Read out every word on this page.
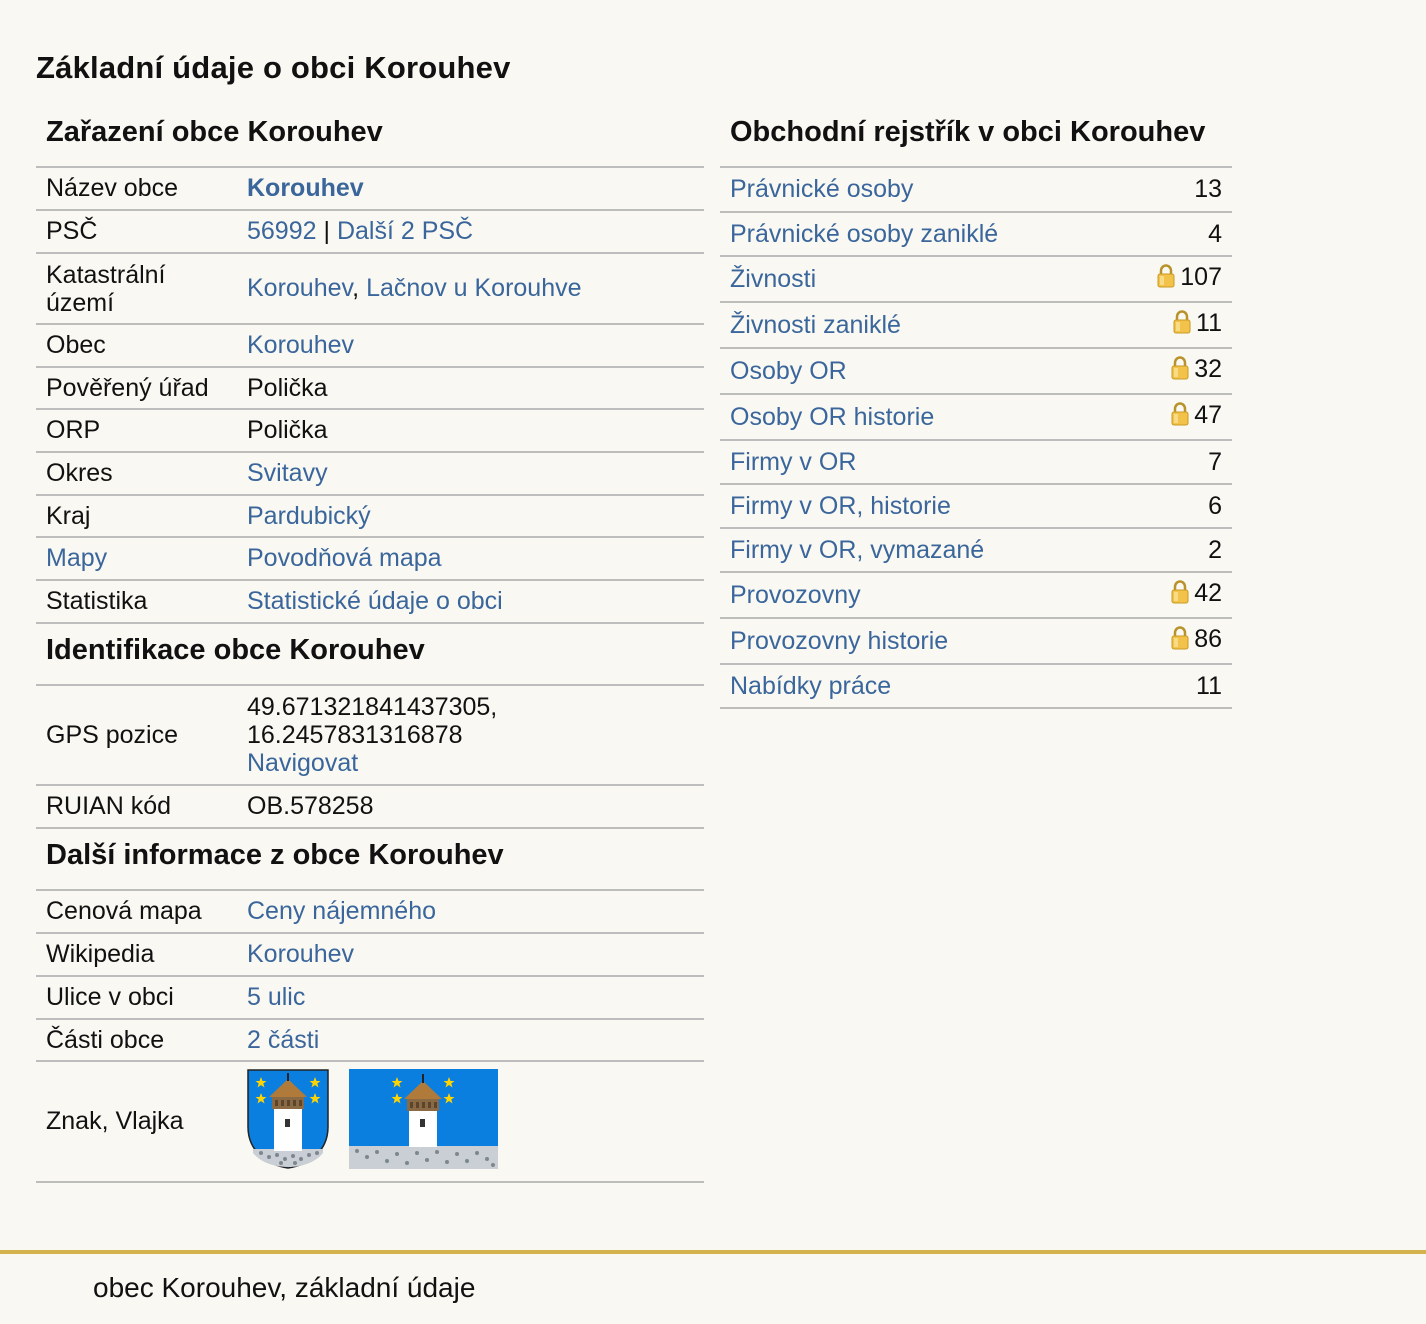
Základní údaje o obci Korouhev
Zařazení obce Korouhev
Název obce	Korouhev
PSČ	56992 | Další 2 PSČ
Katastrální území	Korouhev, Lačnov u Korouhve
Obec	Korouhev
Pověřený úřad	Polička
ORP	Polička
Okres	Svitavy
Kraj	Pardubický
Mapy	Povodňová mapa
Statistika	Statistické údaje o obci
Identifikace obce Korouhev
GPS pozice	49.671321841437305,
16.2457831316878
Navigovat
RUIAN kód	OB.578258
Další informace z obce Korouhev
Cenová mapa	Ceny nájemného
Wikipedia	Korouhev
Ulice v obci	5 ulic
Části obce	2 části
Znak, Vlajka	
Obchodní rejstřík v obci Korouhev
Právnické osoby	13
Právnické osoby zaniklé	4
Živnosti	107
Živnosti zaniklé	11
Osoby OR	32
Osoby OR historie	47
Firmy v OR	7
Firmy v OR, historie	6
Firmy v OR, vymazané	2
Provozovny	42
Provozovny historie	86
Nabídky práce	11
obec Korouhev, základní údaje
